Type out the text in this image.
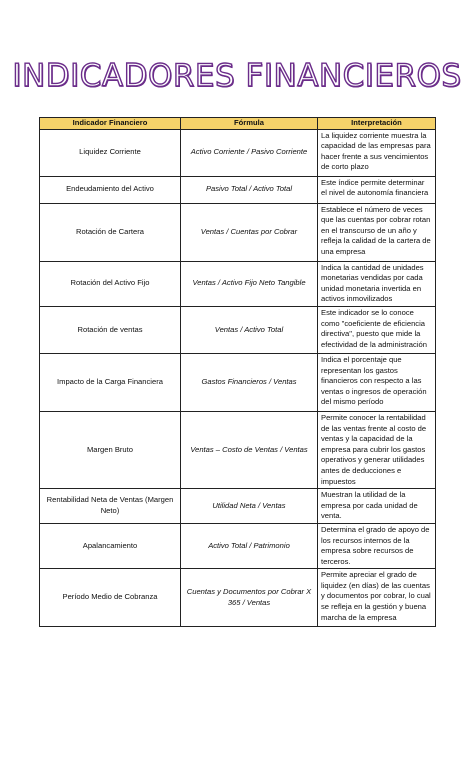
INDICADORES FINANCIEROS
Indicador Financiero	Fórmula	Interpretación
Liquidez Corriente	Activo Corriente / Pasivo Corriente	La liquidez corriente muestra la capacidad de las empresas para hacer frente a sus vencimientos de corto plazo
Endeudamiento del Activo	Pasivo Total / Activo Total	Este índice permite determinar el nivel de autonomía financiera
Rotación de Cartera	Ventas / Cuentas por Cobrar	Establece el número de veces que las cuentas por cobrar rotan en el transcurso de un año y refleja la calidad de la cartera de una empresa
Rotación del Activo Fijo	Ventas / Activo Fijo Neto Tangible	Indica la cantidad de unidades monetarias vendidas por cada unidad monetaria invertida en activos inmovilizados
Rotación de ventas	Ventas / Activo Total	Este indicador se lo conoce como "coeficiente de eficiencia directiva", puesto que mide la efectividad de la administración
Impacto de la Carga Financiera	Gastos Financieros / Ventas	Indica el porcentaje que representan los gastos financieros con respecto a las ventas o ingresos de operación del mismo período
Margen Bruto	Ventas – Costo de Ventas / Ventas	Permite conocer la rentabilidad de las ventas frente al costo de ventas y la capacidad de la empresa para cubrir los gastos operativos y generar utilidades antes de deducciones e impuestos
Rentabilidad Neta de Ventas (Margen Neto)	Utilidad Neta / Ventas	Muestran la utilidad de la empresa por cada unidad de venta.
Apalancamiento	Activo Total / Patrimonio	Determina el grado de apoyo de los recursos internos de la empresa sobre recursos de terceros.
Período Medio de Cobranza	Cuentas y Documentos por Cobrar X 365 / Ventas	Permite apreciar el grado de liquidez (en días) de las cuentas y documentos por cobrar, lo cual se refleja en la gestión y buena marcha de la empresa
